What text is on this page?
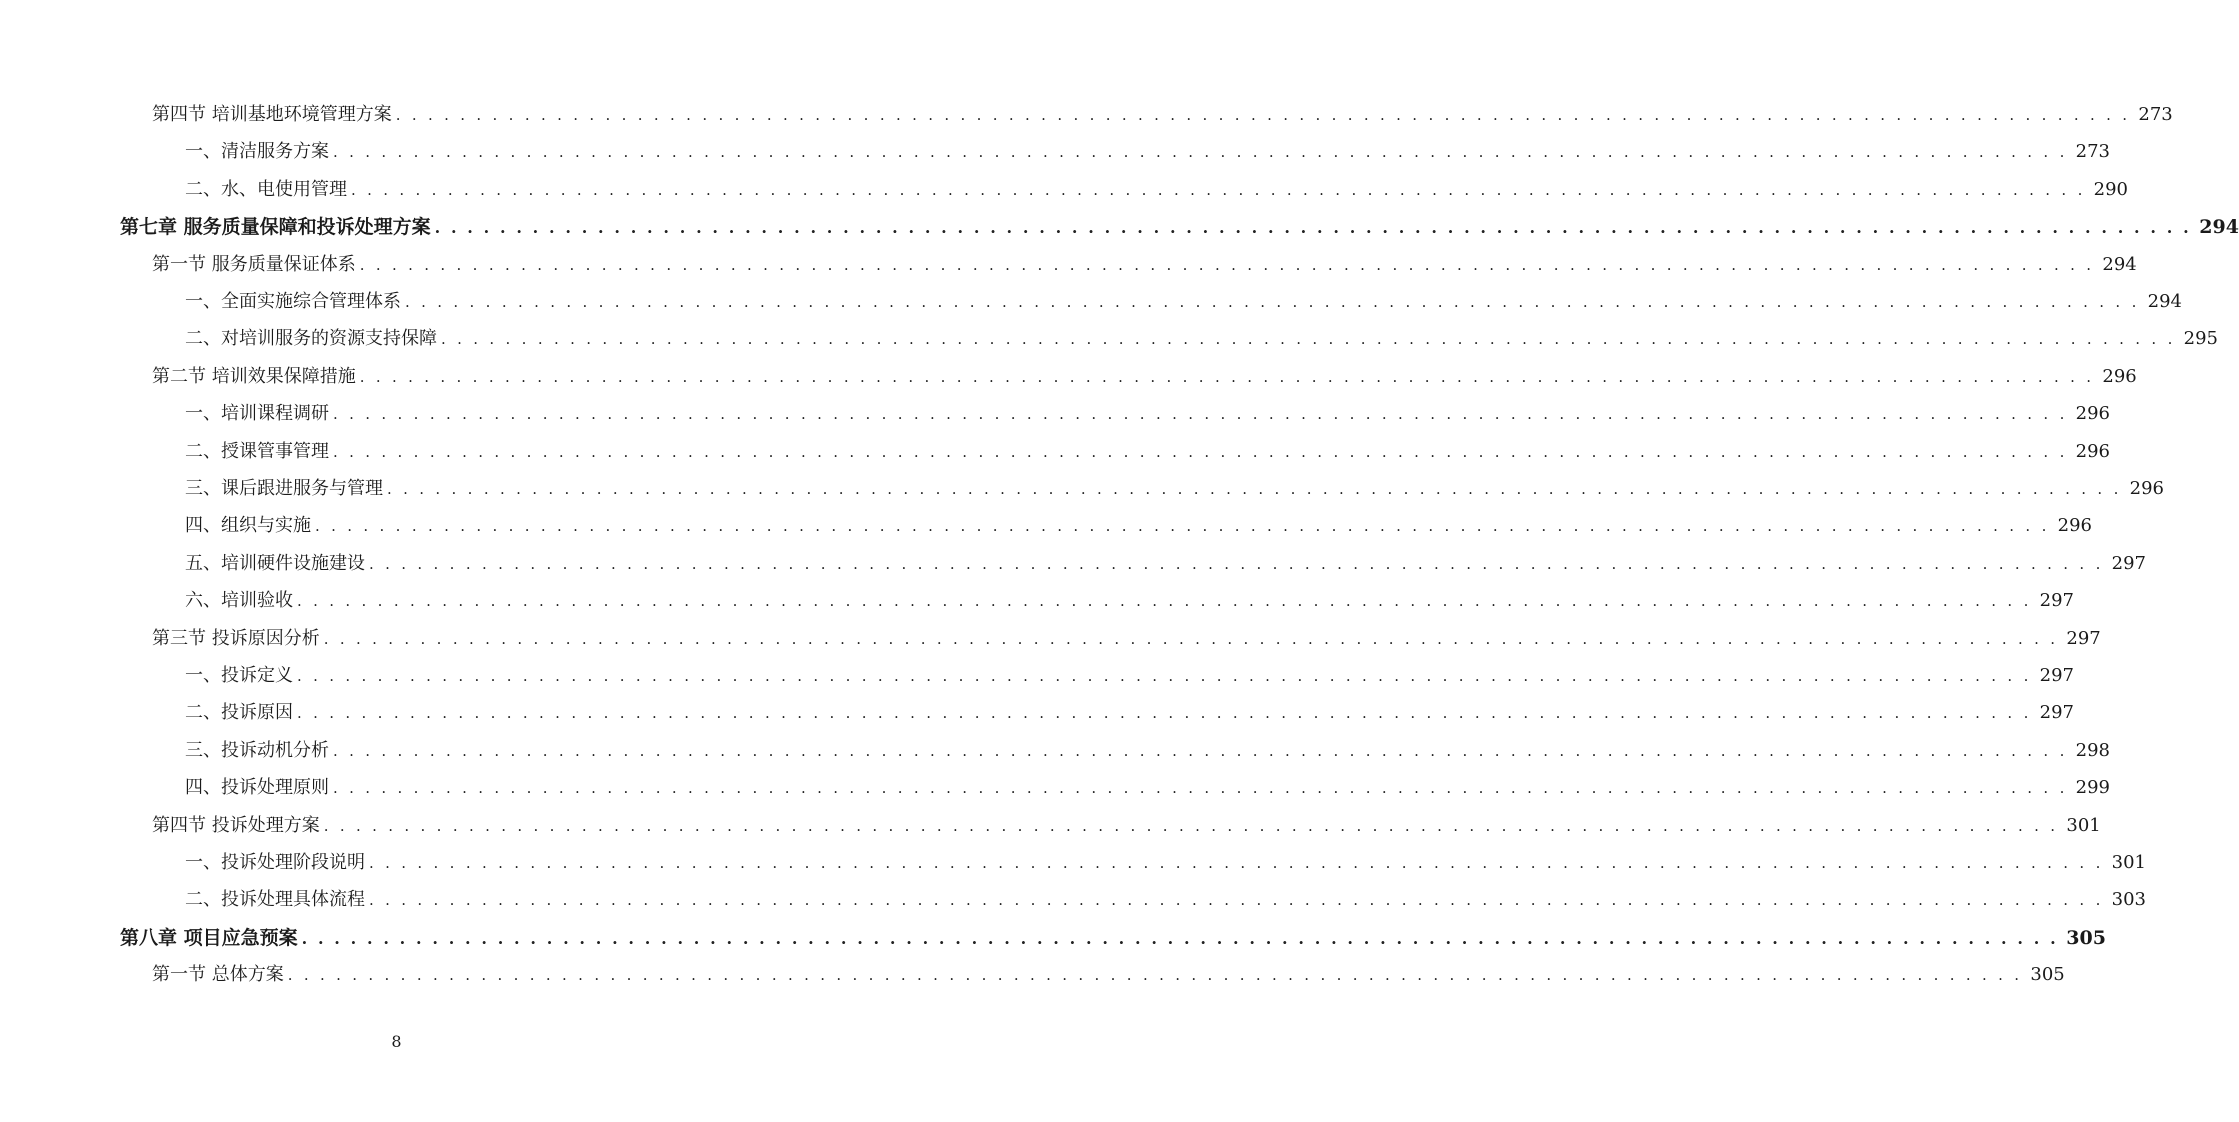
第四节 培训基地环境管理方案 . . . . . . . . . . . . . . . . . . . . . . . . . . . . . . . . . . . . . . . . . . . . . . . . . . . . . . . . . . . . . . . . . . . . . . . . . . . . . . . . . . . . . . . . . . . . . . . . . . . . . . . . . . . . 273
一、清洁服务方案 . . . . . . . . . . . . . . . . . . . . . . . . . . . . . . . . . . . . . . . . . . . . . . . . . . . . . . . . . . . . . . . . . . . . . . . . . . . . . . . . . . . . . . . . . . . . . . . . . . . . . . . . . . . . 273
二、水、电使用管理 . . . . . . . . . . . . . . . . . . . . . . . . . . . . . . . . . . . . . . . . . . . . . . . . . . . . . . . . . . . . . . . . . . . . . . . . . . . . . . . . . . . . . . . . . . . . . . . . . . . . . . . . . . . . 290
第七章 服务质量保障和投诉处理方案 . . . . . . . . . . . . . . . . . . . . . . . . . . . . . . . . . . . . . . . . . . . . . . . . . . . . . . . . . . . . . . . . . . . . . . . . . . . . . . . . . . . . . . . . . . . . . . . . . . . . . . . . . . . . 294
第一节 服务质量保证体系 . . . . . . . . . . . . . . . . . . . . . . . . . . . . . . . . . . . . . . . . . . . . . . . . . . . . . . . . . . . . . . . . . . . . . . . . . . . . . . . . . . . . . . . . . . . . . . . . . . . . . . . . . . . . 294
一、全面实施综合管理体系 . . . . . . . . . . . . . . . . . . . . . . . . . . . . . . . . . . . . . . . . . . . . . . . . . . . . . . . . . . . . . . . . . . . . . . . . . . . . . . . . . . . . . . . . . . . . . . . . . . . . . . . . . . . . 294
二、对培训服务的资源支持保障 . . . . . . . . . . . . . . . . . . . . . . . . . . . . . . . . . . . . . . . . . . . . . . . . . . . . . . . . . . . . . . . . . . . . . . . . . . . . . . . . . . . . . . . . . . . . . . . . . . . . . . . . . . . . 295
第二节 培训效果保障措施 . . . . . . . . . . . . . . . . . . . . . . . . . . . . . . . . . . . . . . . . . . . . . . . . . . . . . . . . . . . . . . . . . . . . . . . . . . . . . . . . . . . . . . . . . . . . . . . . . . . . . . . . . . . . 296
一、培训课程调研 . . . . . . . . . . . . . . . . . . . . . . . . . . . . . . . . . . . . . . . . . . . . . . . . . . . . . . . . . . . . . . . . . . . . . . . . . . . . . . . . . . . . . . . . . . . . . . . . . . . . . . . . . . . . 296
二、授课管事管理 . . . . . . . . . . . . . . . . . . . . . . . . . . . . . . . . . . . . . . . . . . . . . . . . . . . . . . . . . . . . . . . . . . . . . . . . . . . . . . . . . . . . . . . . . . . . . . . . . . . . . . . . . . . . 296
三、课后跟进服务与管理 . . . . . . . . . . . . . . . . . . . . . . . . . . . . . . . . . . . . . . . . . . . . . . . . . . . . . . . . . . . . . . . . . . . . . . . . . . . . . . . . . . . . . . . . . . . . . . . . . . . . . . . . . . . . 296
四、组织与实施 . . . . . . . . . . . . . . . . . . . . . . . . . . . . . . . . . . . . . . . . . . . . . . . . . . . . . . . . . . . . . . . . . . . . . . . . . . . . . . . . . . . . . . . . . . . . . . . . . . . . . . . . . . . . 296
五、培训硬件设施建设 . . . . . . . . . . . . . . . . . . . . . . . . . . . . . . . . . . . . . . . . . . . . . . . . . . . . . . . . . . . . . . . . . . . . . . . . . . . . . . . . . . . . . . . . . . . . . . . . . . . . . . . . . . . . 297
六、培训验收 . . . . . . . . . . . . . . . . . . . . . . . . . . . . . . . . . . . . . . . . . . . . . . . . . . . . . . . . . . . . . . . . . . . . . . . . . . . . . . . . . . . . . . . . . . . . . . . . . . . . . . . . . . . . 297
第三节 投诉原因分析 . . . . . . . . . . . . . . . . . . . . . . . . . . . . . . . . . . . . . . . . . . . . . . . . . . . . . . . . . . . . . . . . . . . . . . . . . . . . . . . . . . . . . . . . . . . . . . . . . . . . . . . . . . . . 297
一、投诉定义 . . . . . . . . . . . . . . . . . . . . . . . . . . . . . . . . . . . . . . . . . . . . . . . . . . . . . . . . . . . . . . . . . . . . . . . . . . . . . . . . . . . . . . . . . . . . . . . . . . . . . . . . . . . . 297
二、投诉原因 . . . . . . . . . . . . . . . . . . . . . . . . . . . . . . . . . . . . . . . . . . . . . . . . . . . . . . . . . . . . . . . . . . . . . . . . . . . . . . . . . . . . . . . . . . . . . . . . . . . . . . . . . . . . 297
三、投诉动机分析 . . . . . . . . . . . . . . . . . . . . . . . . . . . . . . . . . . . . . . . . . . . . . . . . . . . . . . . . . . . . . . . . . . . . . . . . . . . . . . . . . . . . . . . . . . . . . . . . . . . . . . . . . . . . 298
四、投诉处理原则 . . . . . . . . . . . . . . . . . . . . . . . . . . . . . . . . . . . . . . . . . . . . . . . . . . . . . . . . . . . . . . . . . . . . . . . . . . . . . . . . . . . . . . . . . . . . . . . . . . . . . . . . . . . . 299
第四节 投诉处理方案 . . . . . . . . . . . . . . . . . . . . . . . . . . . . . . . . . . . . . . . . . . . . . . . . . . . . . . . . . . . . . . . . . . . . . . . . . . . . . . . . . . . . . . . . . . . . . . . . . . . . . . . . . . . . 301
一、投诉处理阶段说明 . . . . . . . . . . . . . . . . . . . . . . . . . . . . . . . . . . . . . . . . . . . . . . . . . . . . . . . . . . . . . . . . . . . . . . . . . . . . . . . . . . . . . . . . . . . . . . . . . . . . . . . . . . . . 301
二、投诉处理具体流程 . . . . . . . . . . . . . . . . . . . . . . . . . . . . . . . . . . . . . . . . . . . . . . . . . . . . . . . . . . . . . . . . . . . . . . . . . . . . . . . . . . . . . . . . . . . . . . . . . . . . . . . . . . . . 303
第八章 项目应急预案 . . . . . . . . . . . . . . . . . . . . . . . . . . . . . . . . . . . . . . . . . . . . . . . . . . . . . . . . . . . . . . . . . . . . . . . . . . . . . . . . . . . . . . . . . . . . . . . . . . . . . . . . . . . . 305
第一节 总体方案 . . . . . . . . . . . . . . . . . . . . . . . . . . . . . . . . . . . . . . . . . . . . . . . . . . . . . . . . . . . . . . . . . . . . . . . . . . . . . . . . . . . . . . . . . . . . . . . . . . . . . . . . . . . . 305
8
